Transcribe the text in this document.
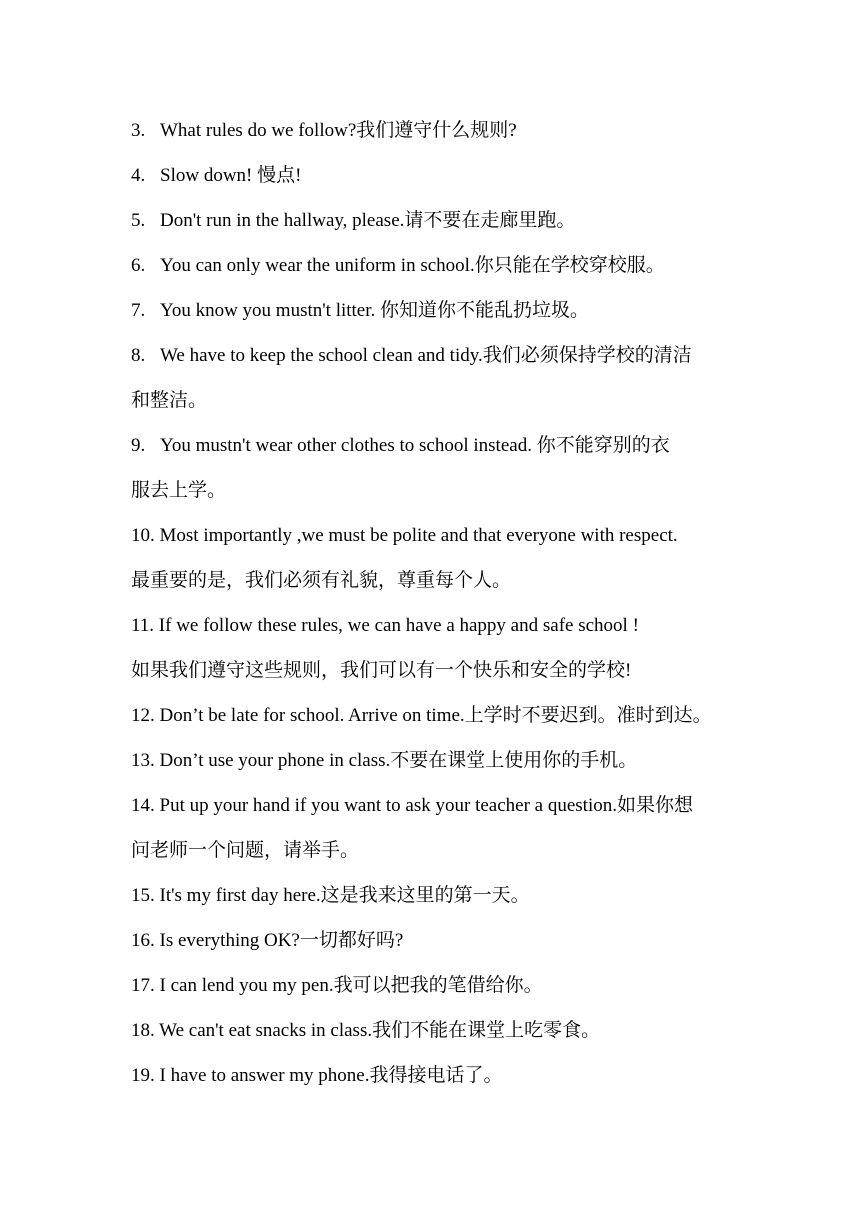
3. What rules do we follow?我们遵守什么规则?
4. Slow down! 慢点!
5. Don't run in the hallway, please.请不要在走廊里跑。
6. You can only wear the uniform in school.你只能在学校穿校服。
7. You know you mustn't litter. 你知道你不能乱扔垃圾。
8. We have to keep the school clean and tidy.我们必须保持学校的清洁
和整洁。
9. You mustn't wear other clothes to school instead. 你不能穿别的衣
服去上学。
10. Most importantly ,we must be polite and that everyone with respect.
最重要的是，我们必须有礼貌，尊重每个人。
11. If we follow these rules, we can have a happy and safe school !
如果我们遵守这些规则，我们可以有一个快乐和安全的学校!
12. Don’t be late for school. Arrive on time.上学时不要迟到。准时到达。
13. Don’t use your phone in class.不要在课堂上使用你的手机。
14. Put up your hand if you want to ask your teacher a question.如果你想
问老师一个问题，请举手。
15. It's my first day here.这是我来这里的第一天。
16. Is everything OK?一切都好吗?
17. I can lend you my pen.我可以把我的笔借给你。
18. We can't eat snacks in class.我们不能在课堂上吃零食。
19. I have to answer my phone.我得接电话了。
